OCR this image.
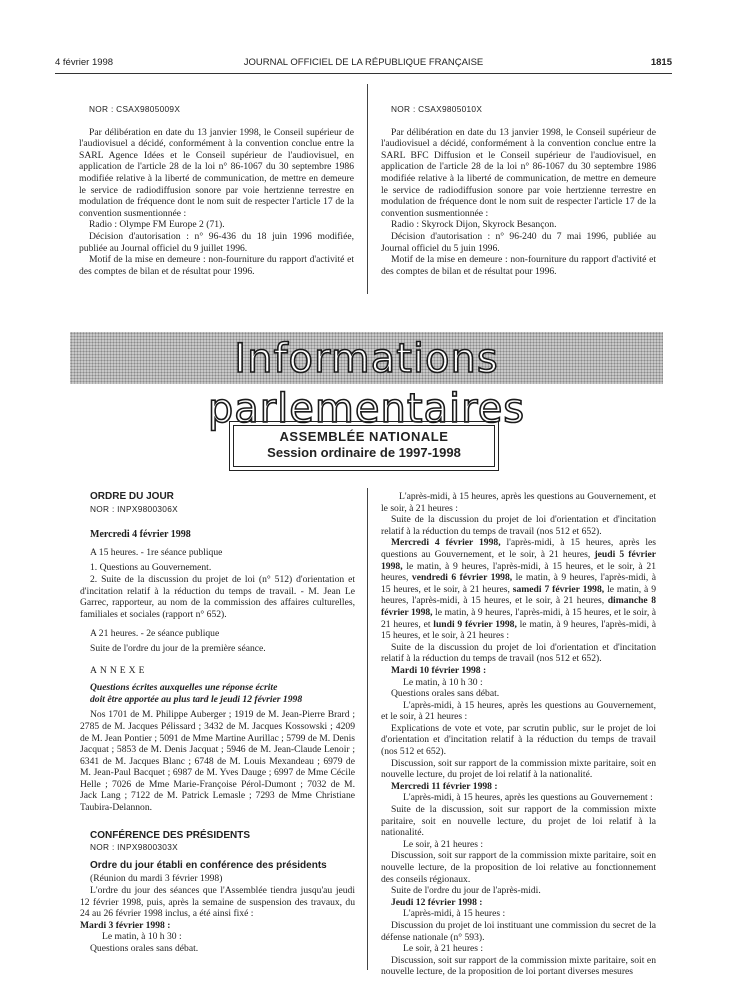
4 février 1998	JOURNAL OFFICIEL DE LA RÉPUBLIQUE FRANÇAISE	1815

NOR : CSAX9805009X

Par délibération en date du 13 janvier 1998, le Conseil supérieur de l'audiovisuel a décidé, conformément à la convention conclue entre la SARL Agence Idées et le Conseil supérieur de l'audiovisuel, en application de l'article 28 de la loi n° 86-1067 du 30 septembre 1986 modifiée relative à la liberté de communication, de mettre en demeure le service de radiodiffusion sonore par voie hertzienne terrestre en modulation de fréquence dont le nom suit de respecter l'article 17 de la convention susmentionnée :

Radio : Olympe FM Europe 2 (71).

Décision d'autorisation : n° 96-436 du 18 juin 1996 modifiée, publiée au Journal officiel du 9 juillet 1996.

Motif de la mise en demeure : non-fourniture du rapport d'activité et des comptes de bilan et de résultat pour 1996.

NOR : CSAX9805010X

Par délibération en date du 13 janvier 1998, le Conseil supérieur de l'audiovisuel a décidé, conformément à la convention conclue entre la SARL BFC Diffusion et le Conseil supérieur de l'audiovisuel, en application de l'article 28 de la loi n° 86-1067 du 30 septembre 1986 modifiée relative à la liberté de communication, de mettre en demeure le service de radiodiffusion sonore par voie hertzienne terrestre en modulation de fréquence dont le nom suit de respecter l'article 17 de la convention susmentionnée :

Radio : Skyrock Dijon, Skyrock Besançon.

Décision d'autorisation : n° 96-240 du 7 mai 1996, publiée au Journal officiel du 5 juin 1996.

Motif de la mise en demeure : non-fourniture du rapport d'activité et des comptes de bilan et de résultat pour 1996.

Informations parlementaires
ASSEMBLÉE NATIONALE
Session ordinaire de 1997-1998

ORDRE DU JOUR

NOR : INPX9800306X

Mercredi 4 février 1998

A 15 heures. - 1re séance publique

1. Questions au Gouvernement.

2. Suite de la discussion du projet de loi (n° 512) d'orientation et d'incitation relatif à la réduction du temps de travail. - M. Jean Le Garrec, rapporteur, au nom de la commission des affaires culturelles, familiales et sociales (rapport n° 652).

A 21 heures. - 2e séance publique

Suite de l'ordre du jour de la première séance.

ANNEXE

Questions écrites auxquelles une réponse écrite

doit être apportée au plus tard le jeudi 12 février 1998

Nos 1701 de M. Philippe Auberger ; 1919 de M. Jean-Pierre Brard ; 2785 de M. Jacques Pélissard ; 3432 de M. Jacques Kossowski ; 4209 de M. Jean Pontier ; 5091 de Mme Martine Aurillac ; 5799 de M. Denis Jacquat ; 5853 de M. Denis Jacquat ; 5946 de M. Jean-Claude Lenoir ; 6341 de M. Jacques Blanc ; 6748 de M. Louis Mexandeau ; 6979 de M. Jean-Paul Bacquet ; 6987 de M. Yves Dauge ; 6997 de Mme Cécile Helle ; 7026 de Mme Marie-Françoise Pérol-Dumont ; 7032 de M. Jack Lang ; 7122 de M. Patrick Lemasle ; 7293 de Mme Christiane Taubira-Delannon.

CONFÉRENCE DES PRÉSIDENTS

NOR : INPX9800303X

Ordre du jour établi en conférence des présidents

(Réunion du mardi 3 février 1998)

L'ordre du jour des séances que l'Assemblée tiendra jusqu'au jeudi 12 février 1998, puis, après la semaine de suspension des travaux, du 24 au 26 février 1998 inclus, a été ainsi fixé :

Mardi 3 février 1998 :

Le matin, à 10 h 30 :

Questions orales sans débat.

L'après-midi, à 15 heures, après les questions au Gouvernement, et le soir, à 21 heures :

Suite de la discussion du projet de loi d'orientation et d'incitation relatif à la réduction du temps de travail (nos 512 et 652).

Mercredi 4 février 1998, l'après-midi, à 15 heures, après les questions au Gouvernement, et le soir, à 21 heures, jeudi 5 février 1998, le matin, à 9 heures, l'après-midi, à 15 heures, et le soir, à 21 heures, vendredi 6 février 1998, le matin, à 9 heures, l'après-midi, à 15 heures, et le soir, à 21 heures, samedi 7 février 1998, le matin, à 9 heures, l'après-midi, à 15 heures, et le soir, à 21 heures, dimanche 8 février 1998, le matin, à 9 heures, l'après-midi, à 15 heures, et le soir, à 21 heures, et lundi 9 février 1998, le matin, à 9 heures, l'après-midi, à 15 heures, et le soir, à 21 heures :

Suite de la discussion du projet de loi d'orientation et d'incitation relatif à la réduction du temps de travail (nos 512 et 652).

Mardi 10 février 1998 :

Le matin, à 10 h 30 :

Questions orales sans débat.

L'après-midi, à 15 heures, après les questions au Gouvernement, et le soir, à 21 heures :

Explications de vote et vote, par scrutin public, sur le projet de loi d'orientation et d'incitation relatif à la réduction du temps de travail (nos 512 et 652).

Discussion, soit sur rapport de la commission mixte paritaire, soit en nouvelle lecture, du projet de loi relatif à la nationalité.

Mercredi 11 février 1998 :

L'après-midi, à 15 heures, après les questions au Gouvernement :

Suite de la discussion, soit sur rapport de la commission mixte paritaire, soit en nouvelle lecture, du projet de loi relatif à la nationalité.

Le soir, à 21 heures :

Discussion, soit sur rapport de la commission mixte paritaire, soit en nouvelle lecture, de la proposition de loi relative au fonctionnement des conseils régionaux.

Suite de l'ordre du jour de l'après-midi.

Jeudi 12 février 1998 :

L'après-midi, à 15 heures :

Discussion du projet de loi instituant une commission du secret de la défense nationale (n° 593).

Le soir, à 21 heures :

Discussion, soit sur rapport de la commission mixte paritaire, soit en nouvelle lecture, de la proposition de loi portant diverses mesures
